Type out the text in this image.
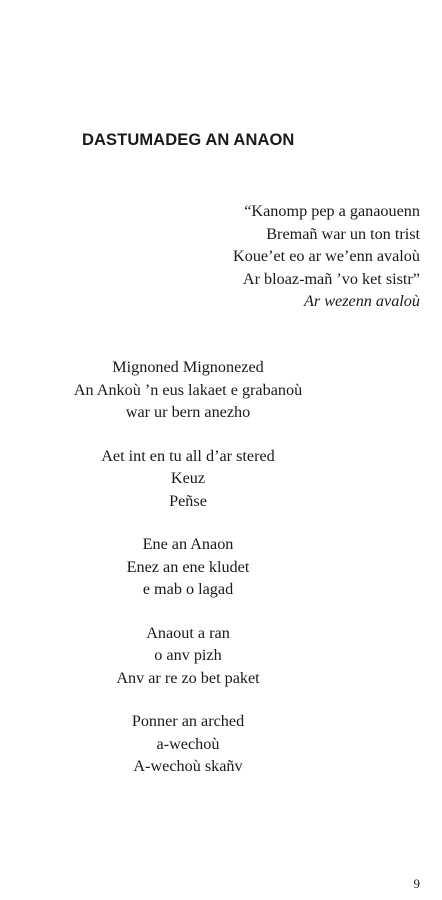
DASTUMADEG AN ANAON
“Kanomp pep a ganaouenn
Bremañ war un ton trist
Koue’et eo ar we’enn avaloù
Ar bloaz-mañ ’vo ket sistr”
Ar wezenn avaloù
Mignoned Mignonezed
An Ankoù ’n eus lakaet e grabanoù
war ur bern anezho
Aet int en tu all d’ar stered
Keuz
Peñse
Ene an Anaon
Enez an ene kludet
e mab o lagad
Anaout a ran
o anv pizh
Anv ar re zo bet paket
Ponner an arched
a-wechoù
A-wechoù skañv
9
